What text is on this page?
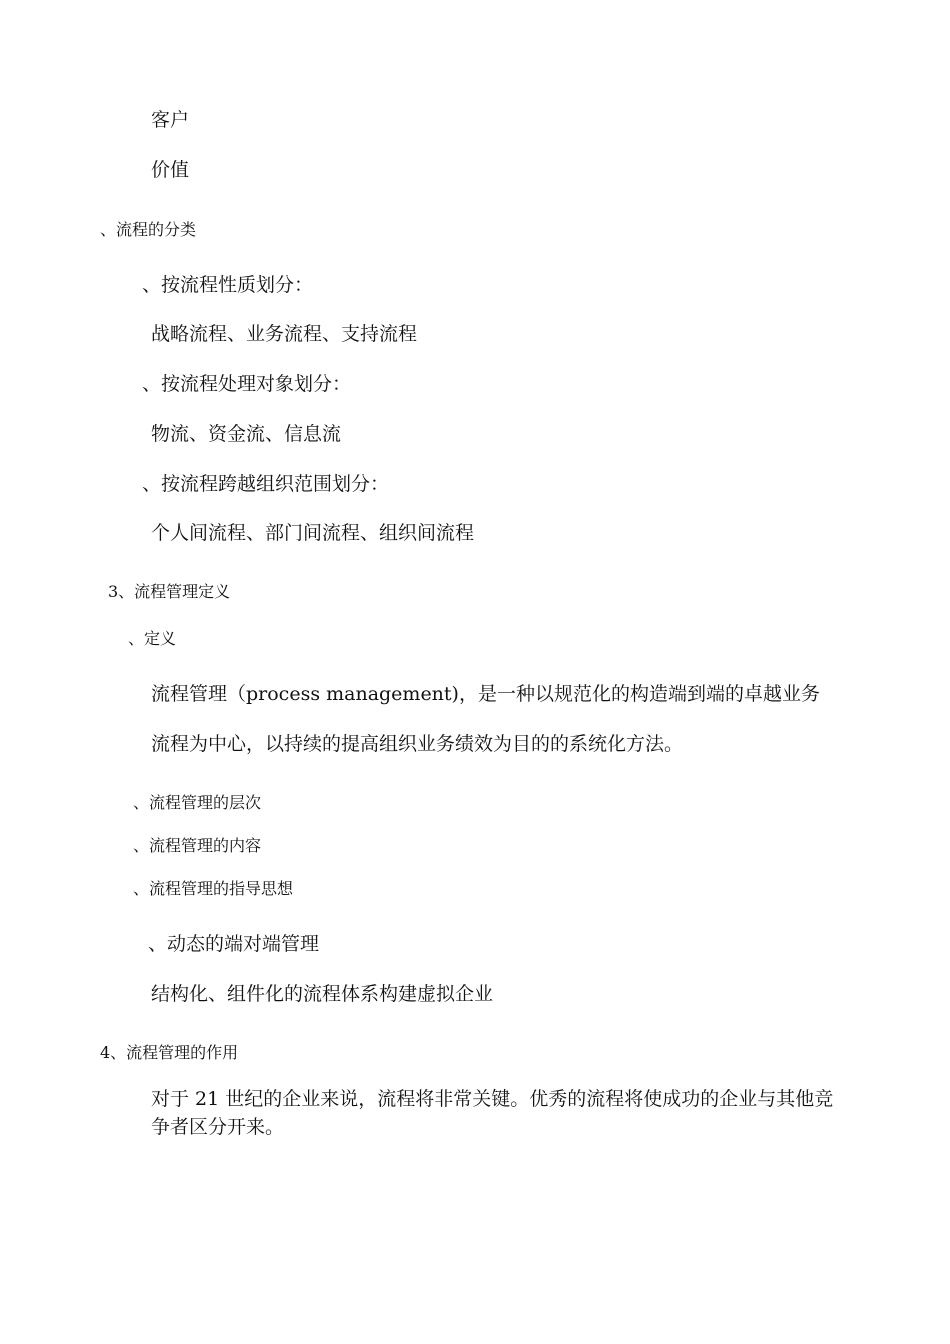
客户
价值
、流程的分类
、按流程性质划分：
战略流程、业务流程、支持流程
、按流程处理对象划分：
物流、资金流、信息流
、按流程跨越组织范围划分：
个人间流程、部门间流程、组织间流程
3、流程管理定义
、定义
流程管理（process management)，是一种以规范化的构造端到端的卓越业务
流程为中心，以持续的提高组织业务绩效为目的的系统化方法。
、流程管理的层次
、流程管理的内容
、流程管理的指导思想
、动态的端对端管理
结构化、组件化的流程体系构建虚拟企业
4、流程管理的作用
对于 21 世纪的企业来说，流程将非常关键。优秀的流程将使成功的企业与其他竞争者区分开来。
